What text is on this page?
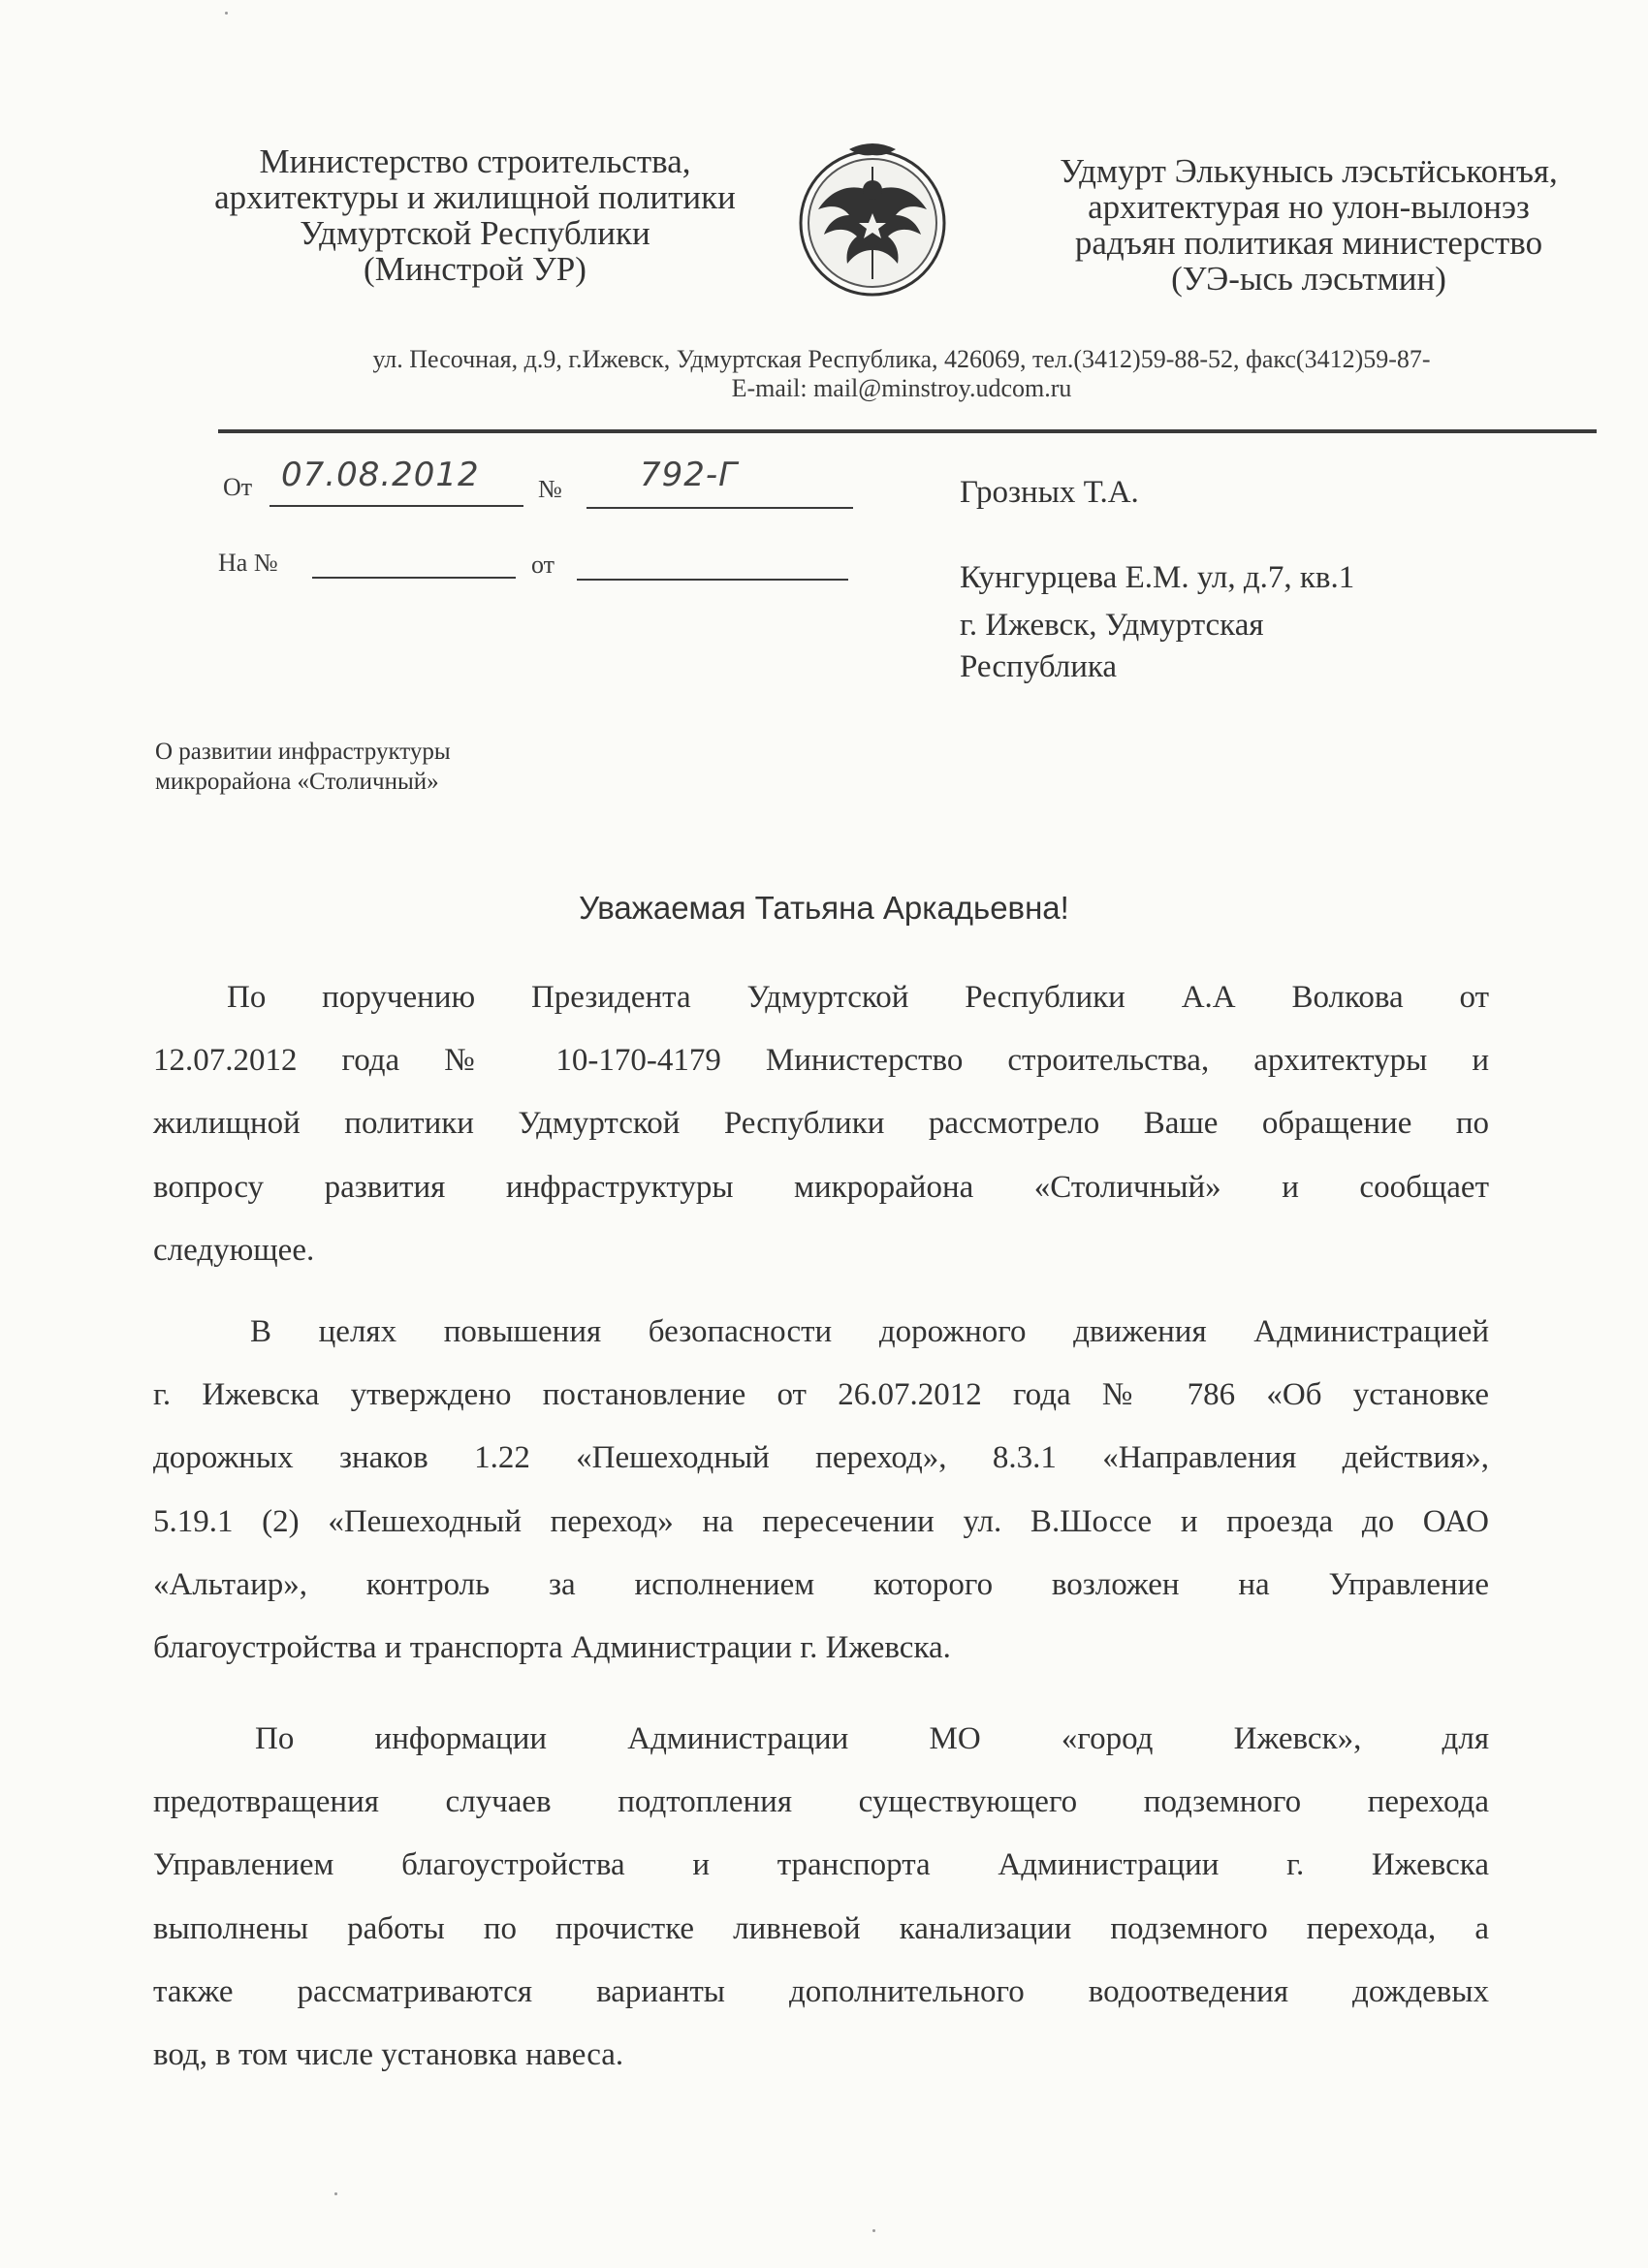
Министерство строительства,
архитектуры и жилищной политики
Удмуртской Республики
(Минстрой УР)
Удмурт Элькунысь лэсьтӥськонъя,
архитектурая но улон-вылонэз
радъян политикая министерство
(УЭ-ысь лэсьтмин)
ул. Песочная, д.9, г.Ижевск, Удмуртская Республика, 426069, тел.(3412)59-88-52, факс(3412)59-87-
E-mail: mail@minstroy.udcom.ru
От 07.08.2012 № 792-Г
На №	от
Грозных Т.А.
Кунгурцева Е.М. ул, д.7, кв.1
г. Ижевск, Удмуртская
Республика
О развитии инфраструктуры
микрорайона «Столичный»
Уважаемая Татьяна Аркадьевна!
По поручению Президента Удмуртской Республики А.А Волкова от
12.07.2012 года № 10-170-4179 Министерство строительства, архитектуры и
жилищной политики Удмуртской Республики рассмотрело Ваше обращение по
вопросу развития инфраструктуры микрорайона «Столичный» и сообщает
следующее.
В целях повышения безопасности дорожного движения Администрацией
г. Ижевска утверждено постановление от 26.07.2012 года № 786 «Об установке
дорожных знаков 1.22 «Пешеходный переход», 8.3.1 «Направления действия»,
5.19.1 (2) «Пешеходный переход» на пересечении ул. В.Шоссе и проезда до ОАО
«Альтаир», контроль за исполнением которого возложен на Управление
благоустройства и транспорта Администрации г. Ижевска.
По информации Администрации МО «город Ижевск», для
предотвращения случаев подтопления существующего подземного перехода
Управлением благоустройства и транспорта Администрации г. Ижевска
выполнены работы по прочистке ливневой канализации подземного перехода, а
также рассматриваются варианты дополнительного водоотведения дождевых
вод, в том числе установка навеса.
